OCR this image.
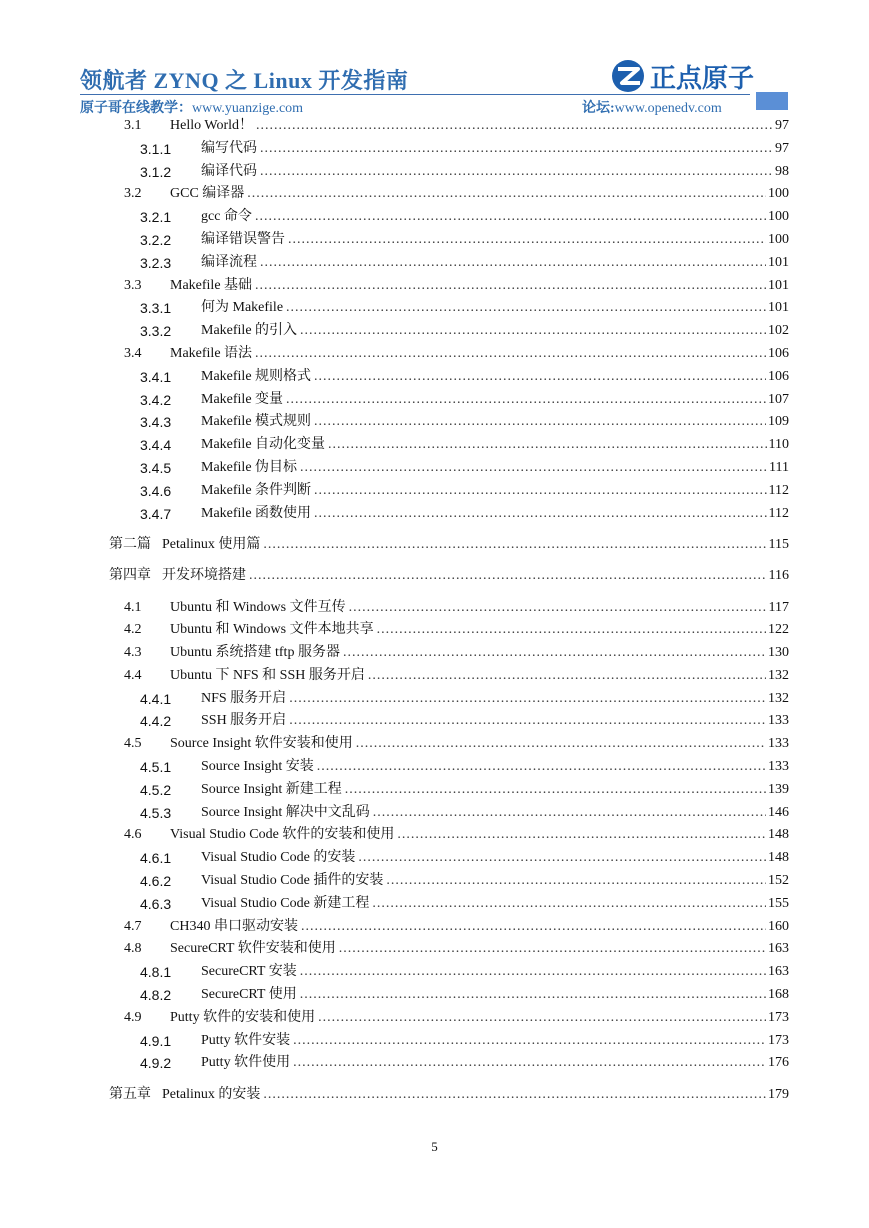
领航者 ZYNQ 之 Linux 开发指南	正点原子
原子哥在线教学：www.yuanzige.com	论坛:www.openedv.com
3.1 Hello World！ .....	97
3.1.1 编写代码 .....	97
3.1.2 编译代码 .....	98
3.2 GCC 编译器 .....	100
3.2.1 gcc 命令 .....	100
3.2.2 编译错误警告 .....	100
3.2.3 编译流程 .....	101
3.3 Makefile 基础 .....	101
3.3.1 何为 Makefile .....	101
3.3.2 Makefile 的引入 .....	102
3.4 Makefile 语法 .....	106
3.4.1 Makefile 规则格式 .....	106
3.4.2 Makefile 变量 .....	107
3.4.3 Makefile 模式规则 .....	109
3.4.4 Makefile 自动化变量 .....	110
3.4.5 Makefile 伪目标 .....	111
3.4.6 Makefile 条件判断 .....	112
3.4.7 Makefile 函数使用 .....	112
第二篇 Petalinux 使用篇 .....	115
第四章 开发环境搭建 .....	116
4.1 Ubuntu 和 Windows 文件互传 .....	117
4.2 Ubuntu 和 Windows 文件本地共享 .....	122
4.3 Ubuntu 系统搭建 tftp 服务器 .....	130
4.4 Ubuntu 下 NFS 和 SSH 服务开启 .....	132
4.4.1 NFS 服务开启 .....	132
4.4.2 SSH 服务开启 .....	133
4.5 Source Insight 软件安装和使用 .....	133
4.5.1 Source Insight 安装 .....	133
4.5.2 Source Insight 新建工程 .....	139
4.5.3 Source Insight 解决中文乱码 .....	146
4.6 Visual Studio Code 软件的安装和使用 .....	148
4.6.1 Visual Studio Code 的安装 .....	148
4.6.2 Visual Studio Code 插件的安装 .....	152
4.6.3 Visual Studio Code 新建工程 .....	155
4.7 CH340 串口驱动安装 .....	160
4.8 SecureCRT 软件安装和使用 .....	163
4.8.1 SecureCRT 安装 .....	163
4.8.2 SecureCRT 使用 .....	168
4.9 Putty 软件的安装和使用 .....	173
4.9.1 Putty 软件安装 .....	173
4.9.2 Putty 软件使用 .....	176
第五章 Petalinux 的安装 .....	179
5
